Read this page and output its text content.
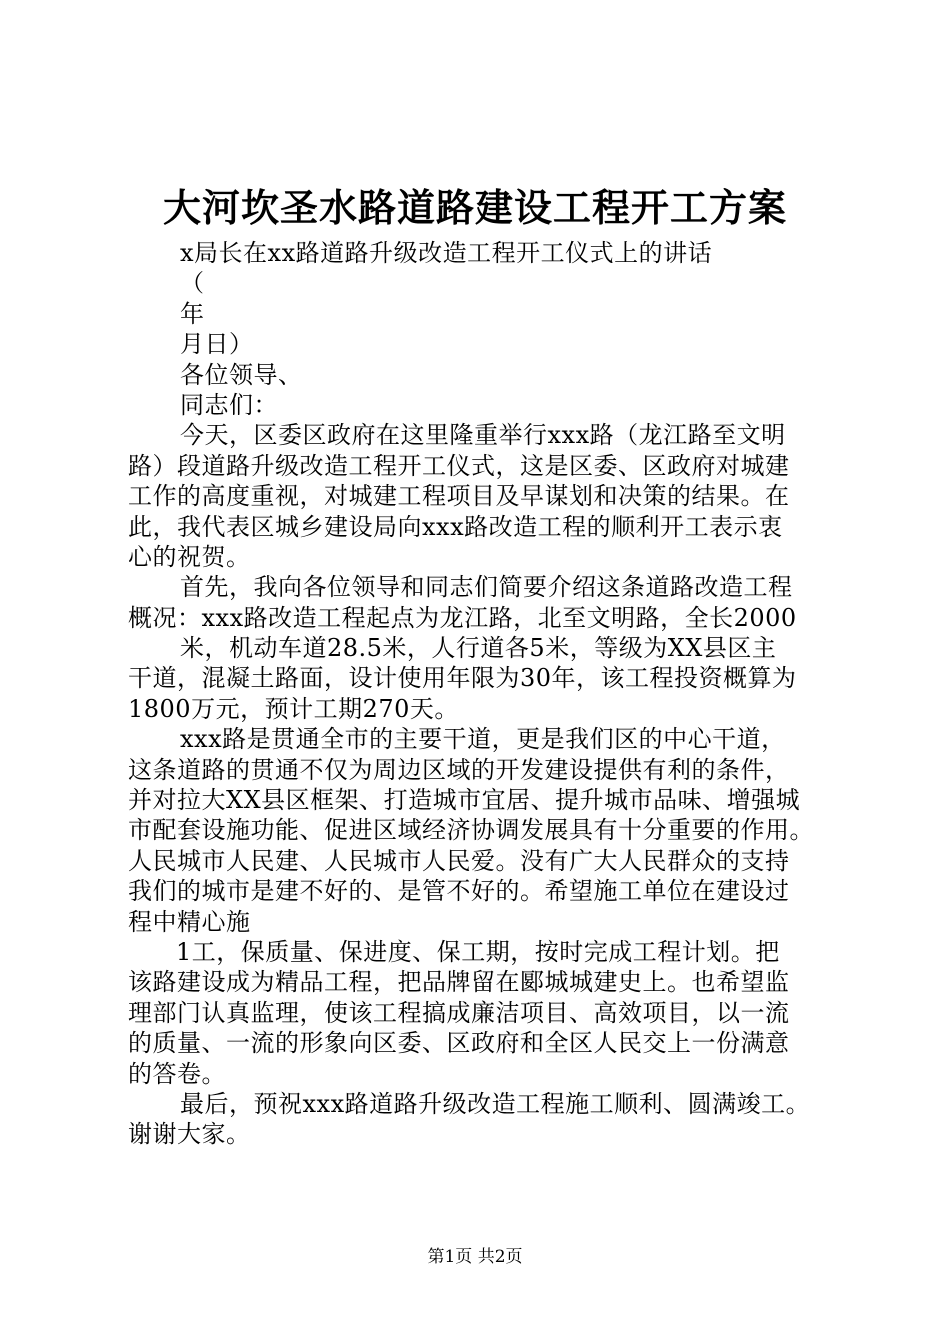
大河坎圣水路道路建设工程开工方案
x局长在xx路道路升级改造工程开工仪式上的讲话
（
年
月日）
各位领导、
同志们：
今天，区委区政府在这里隆重举行xxx路（龙江路至文明
路）段道路升级改造工程开工仪式，这是区委、区政府对城建
工作的高度重视，对城建工程项目及早谋划和决策的结果。在
此，我代表区城乡建设局向xxx路改造工程的顺利开工表示衷
心的祝贺。
首先，我向各位领导和同志们简要介绍这条道路改造工程
概况：xxx路改造工程起点为龙江路，北至文明路，全长2000
米，机动车道28.5米，人行道各5米，等级为XX县区主
干道，混凝土路面，设计使用年限为30年，该工程投资概算为
1800万元，预计工期270天。
xxx路是贯通全市的主要干道，更是我们区的中心干道，
这条道路的贯通不仅为周边区域的开发建设提供有利的条件，
并对拉大XX县区框架、打造城市宜居、提升城市品味、增强城
市配套设施功能、促进区域经济协调发展具有十分重要的作用。
人民城市人民建、人民城市人民爱。没有广大人民群众的支持
我们的城市是建不好的、是管不好的。希望施工单位在建设过
程中精心施
1工，保质量、保进度、保工期，按时完成工程计划。把
该路建设成为精品工程，把品牌留在郾城城建史上。也希望监
理部门认真监理，使该工程搞成廉洁项目、高效项目，以一流
的质量、一流的形象向区委、区政府和全区人民交上一份满意
的答卷。
最后，预祝xxx路道路升级改造工程施工顺利、圆满竣工。
谢谢大家。
第1页 共2页
